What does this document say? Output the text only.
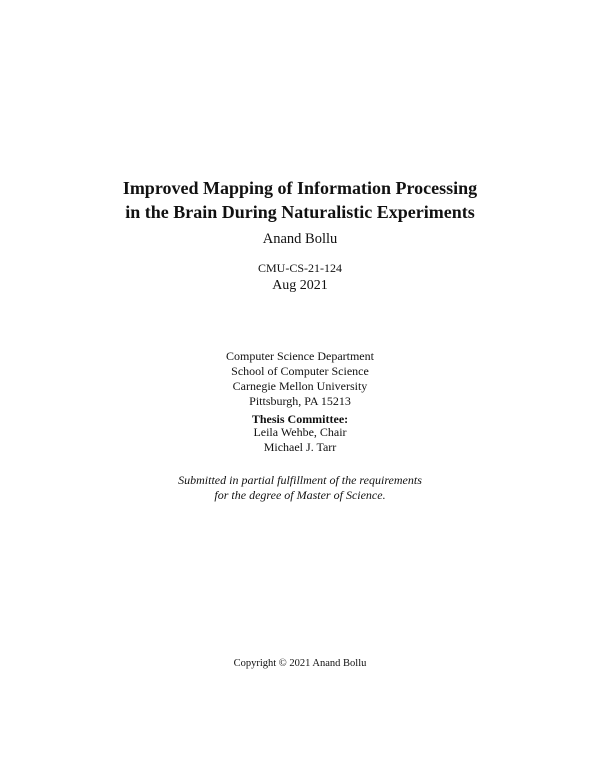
Improved Mapping of Information Processing
in the Brain During Naturalistic Experiments
Anand Bollu
CMU-CS-21-124
Aug 2021
Computer Science Department
School of Computer Science
Carnegie Mellon University
Pittsburgh, PA 15213
Thesis Committee:
Leila Wehbe, Chair
Michael J. Tarr
Submitted in partial fulfillment of the requirements
for the degree of Master of Science.
Copyright © 2021 Anand Bollu
